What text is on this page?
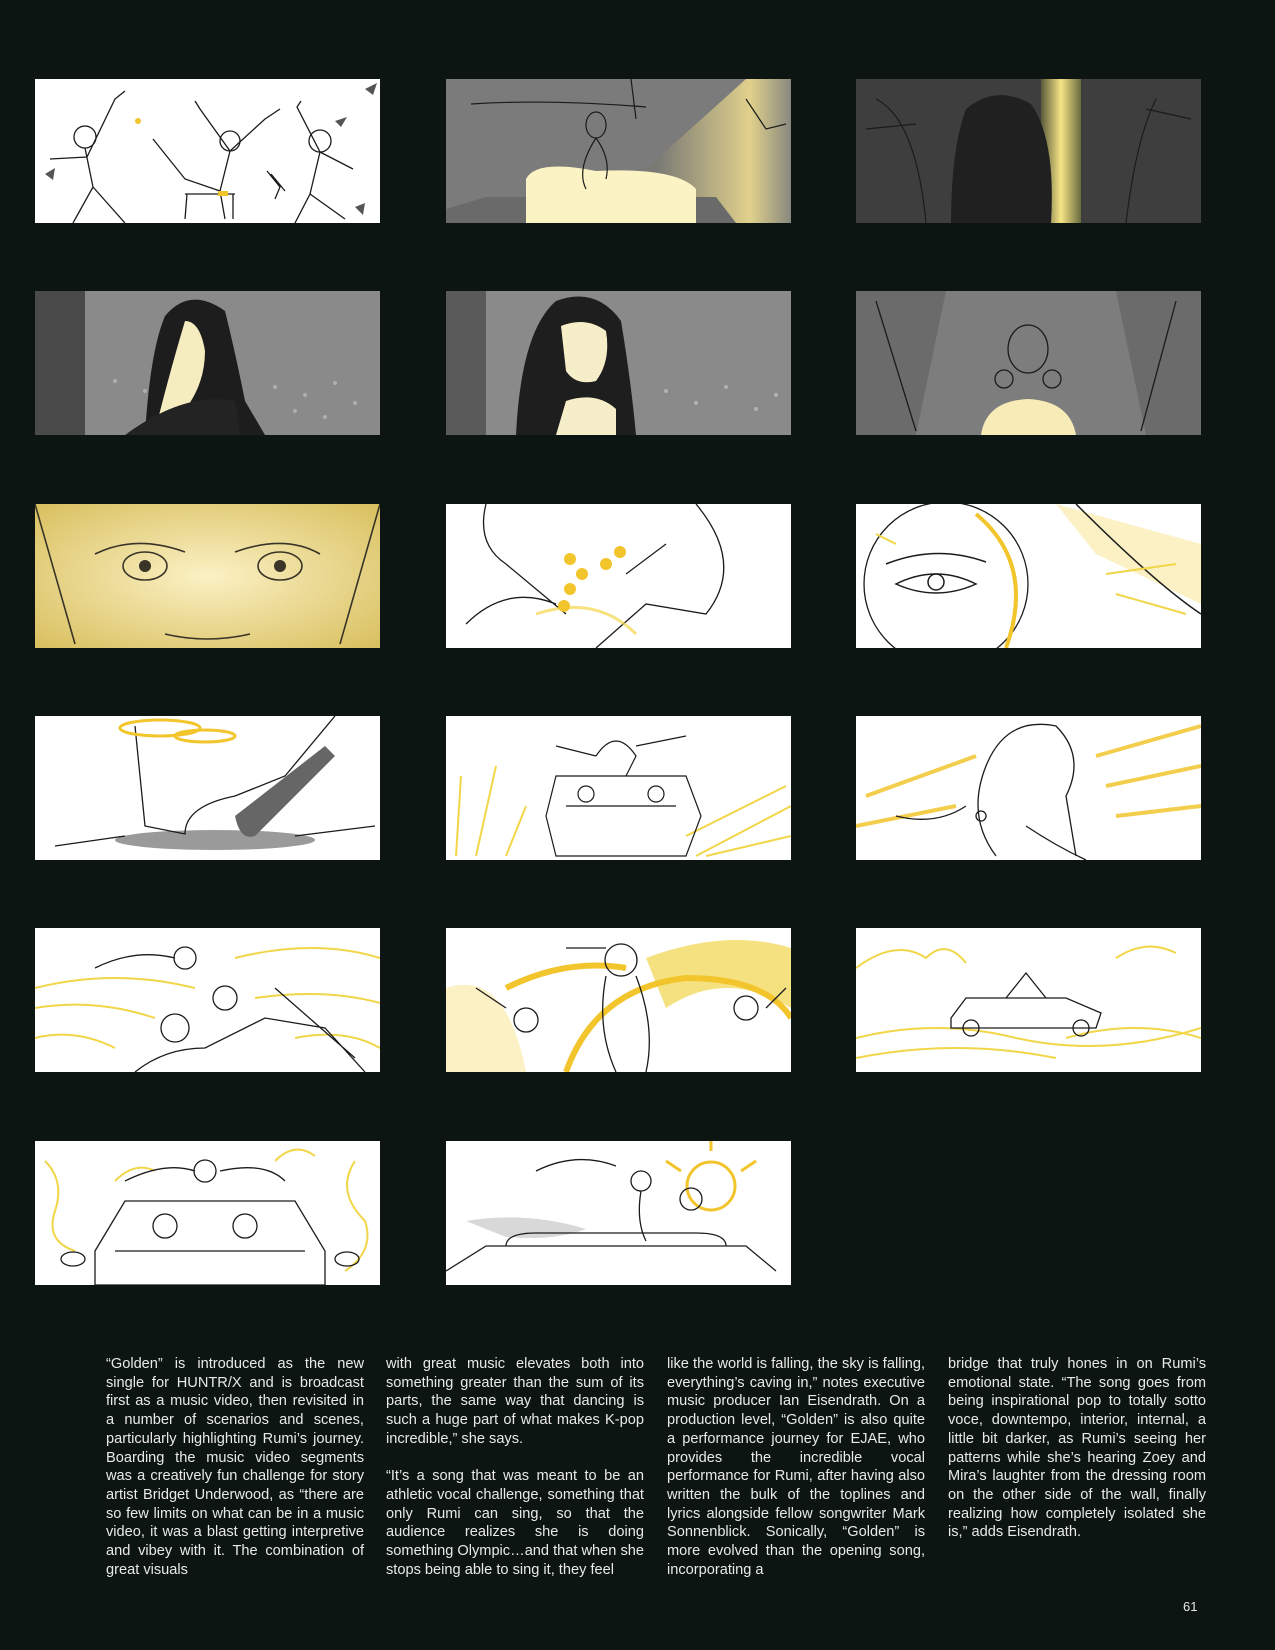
“Golden” is introduced as the new single for HUNTR/X and is broadcast first as a music video, then revisited in a number of scenarios and scenes, particularly highlighting Rumi’s journey. Boarding the music video segments was a creatively fun challenge for story artist Bridget Underwood, as “there are so few limits on what can be in a music video, it was a blast getting interpretive and vibey with it. The combination of great visuals

with great music elevates both into something greater than the sum of its parts, the same way that dancing is such a huge part of what makes K-pop incredible,” she says.

“It’s a song that was meant to be an athletic vocal challenge, something that only Rumi can sing, so that the audience realizes she is doing something Olympic…and that when she stops being able to sing it, they feel

like the world is falling, the sky is falling, everything’s caving in,” notes executive music producer Ian Eisendrath. On a production level, “Golden” is also quite a performance journey for EJAE, who provides the incredible vocal performance for Rumi, after having also written the bulk of the toplines and lyrics alongside fellow songwriter Mark Sonnenblick. Sonically, “Golden” is more evolved than the opening song, incorporating a

bridge that truly hones in on Rumi’s emotional state. “The song goes from being inspirational pop to totally sotto voce, downtempo, interior, internal, a little bit darker, as Rumi’s seeing her patterns while she’s hearing Zoey and Mira’s laughter from the dressing room on the other side of the wall, finally realizing how completely isolated she is,” adds Eisendrath.

61
